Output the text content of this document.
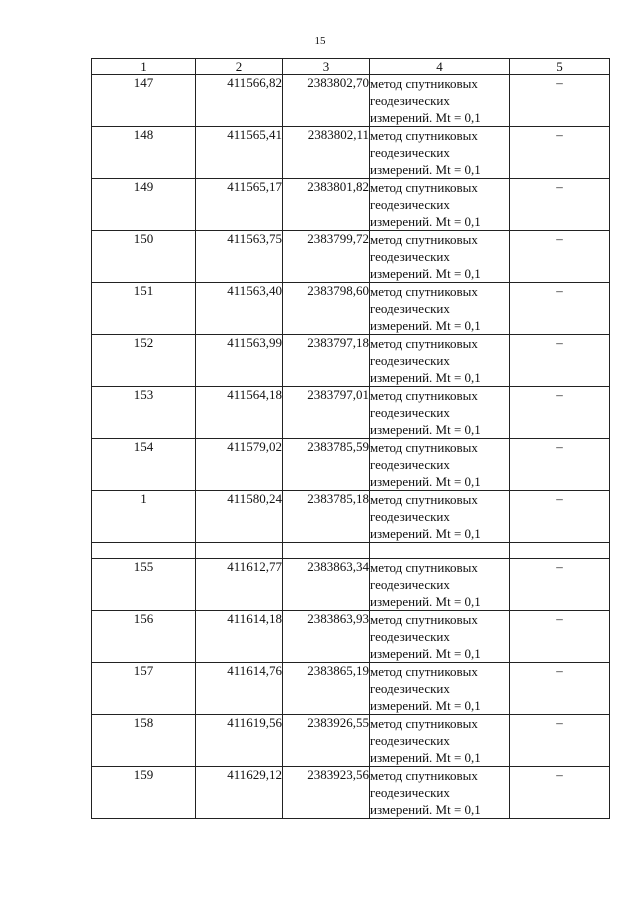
15
1	2	3	4	5
147	411566,82	2383802,70	метод спутниковых
геодезических
измерений. Mt = 0,1	–
148	411565,41	2383802,11	метод спутниковых
геодезических
измерений. Mt = 0,1	–
149	411565,17	2383801,82	метод спутниковых
геодезических
измерений. Mt = 0,1	–
150	411563,75	2383799,72	метод спутниковых
геодезических
измерений. Mt = 0,1	–
151	411563,40	2383798,60	метод спутниковых
геодезических
измерений. Mt = 0,1	–
152	411563,99	2383797,18	метод спутниковых
геодезических
измерений. Mt = 0,1	–
153	411564,18	2383797,01	метод спутниковых
геодезических
измерений. Mt = 0,1	–
154	411579,02	2383785,59	метод спутниковых
геодезических
измерений. Mt = 0,1	–
1	411580,24	2383785,18	метод спутниковых
геодезических
измерений. Mt = 0,1	–

155	411612,77	2383863,34	метод спутниковых
геодезических
измерений. Mt = 0,1	–
156	411614,18	2383863,93	метод спутниковых
геодезических
измерений. Mt = 0,1	–
157	411614,76	2383865,19	метод спутниковых
геодезических
измерений. Mt = 0,1	–
158	411619,56	2383926,55	метод спутниковых
геодезических
измерений. Mt = 0,1	–
159	411629,12	2383923,56	метод спутниковых
геодезических
измерений. Mt = 0,1	–
